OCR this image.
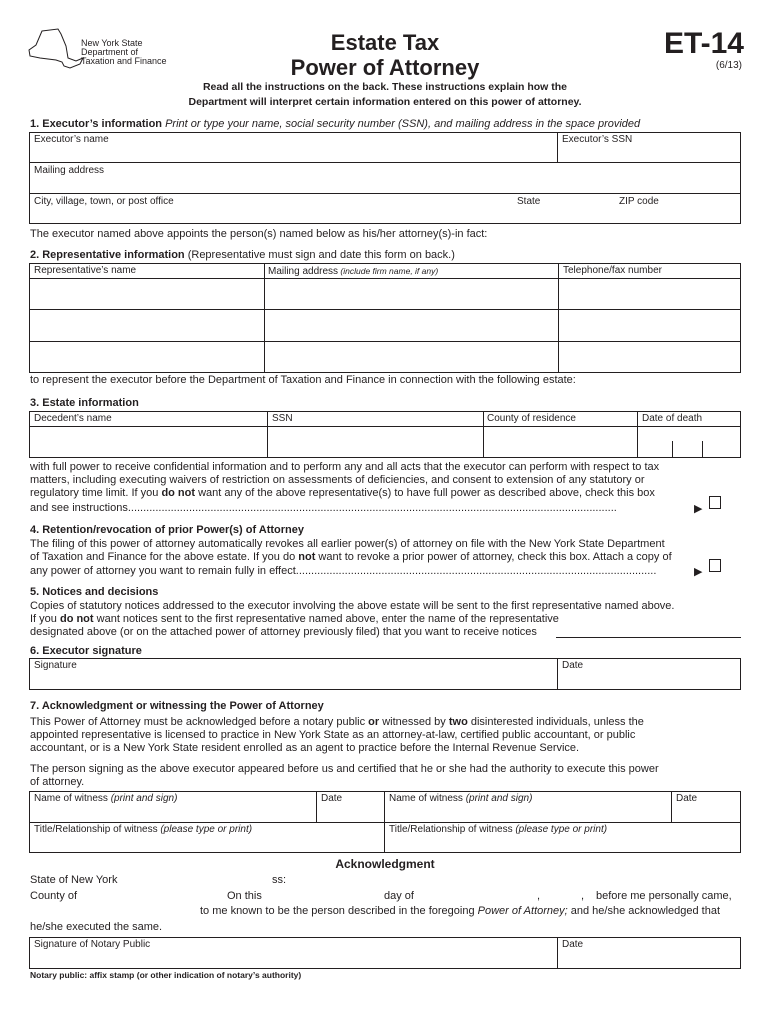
New York State
Department of
Taxation and Finance
Estate Tax
Power of Attorney
ET-14
(6/13)
Read all the instructions on the back. These instructions explain how the
Department will interpret certain information entered on this power of attorney.
1. Executor’s information Print or type your name, social security number (SSN), and mailing address in the space provided
Executor’s name	Executor’s SSN
Mailing address
City, village, town, or post office	State	ZIP code
The executor named above appoints the person(s) named below as his/her attorney(s)-in fact:
2. Representative information (Representative must sign and date this form on back.)
Representative’s name	Mailing address (include firm name, if any)	Telephone/fax number
to represent the executor before the Department of Taxation and Finance in connection with the following estate:
3. Estate information
Decedent’s name	SSN	County of residence	Date of death
with full power to receive confidential information and to perform any and all acts that the executor can perform with respect to tax
matters, including executing waivers of restriction on assessments of deficiencies, and consent to extension of any statutory or
regulatory time limit. If you do not want any of the above representative(s) to have full power as described above, check this box
and see instructions................................................................................................................................................................	▶
4. Retention/revocation of prior Power(s) of Attorney
The filing of this power of attorney automatically revokes all earlier power(s) of attorney on file with the New York State Department
of Taxation and Finance for the above estate. If you do not want to revoke a prior power of attorney, check this box. Attach a copy of
any power of attorney you want to remain fully in effect......................................................................................................................	▶
5. Notices and decisions
Copies of statutory notices addressed to the executor involving the above estate will be sent to the first representative named above.
If you do not want notices sent to the first representative named above, enter the name of the representative
designated above (or on the attached power of attorney previously filed) that you want to receive notices
6. Executor signature
Signature	Date
7. Acknowledgment or witnessing the Power of Attorney
This Power of Attorney must be acknowledged before a notary public or witnessed by two disinterested individuals, unless the
appointed representative is licensed to practice in New York State as an attorney-at-law, certified public accountant, or public
accountant, or is a New York State resident enrolled as an agent to practice before the Internal Revenue Service.
The person signing as the above executor appeared before us and certified that he or she had the authority to execute this power
of attorney.
Name of witness (print and sign)	Date	Name of witness (print and sign)	Date
Title/Relationship of witness (please type or print)	Title/Relationship of witness (please type or print)
Acknowledgment
State of New York	ss:
County of	On this	day of	,	, before me personally came,
to me known to be the person described in the foregoing Power of Attorney; and he/she acknowledged that
he/she executed the same.
Signature of Notary Public	Date
Notary public: affix stamp (or other indication of notary’s authority)
